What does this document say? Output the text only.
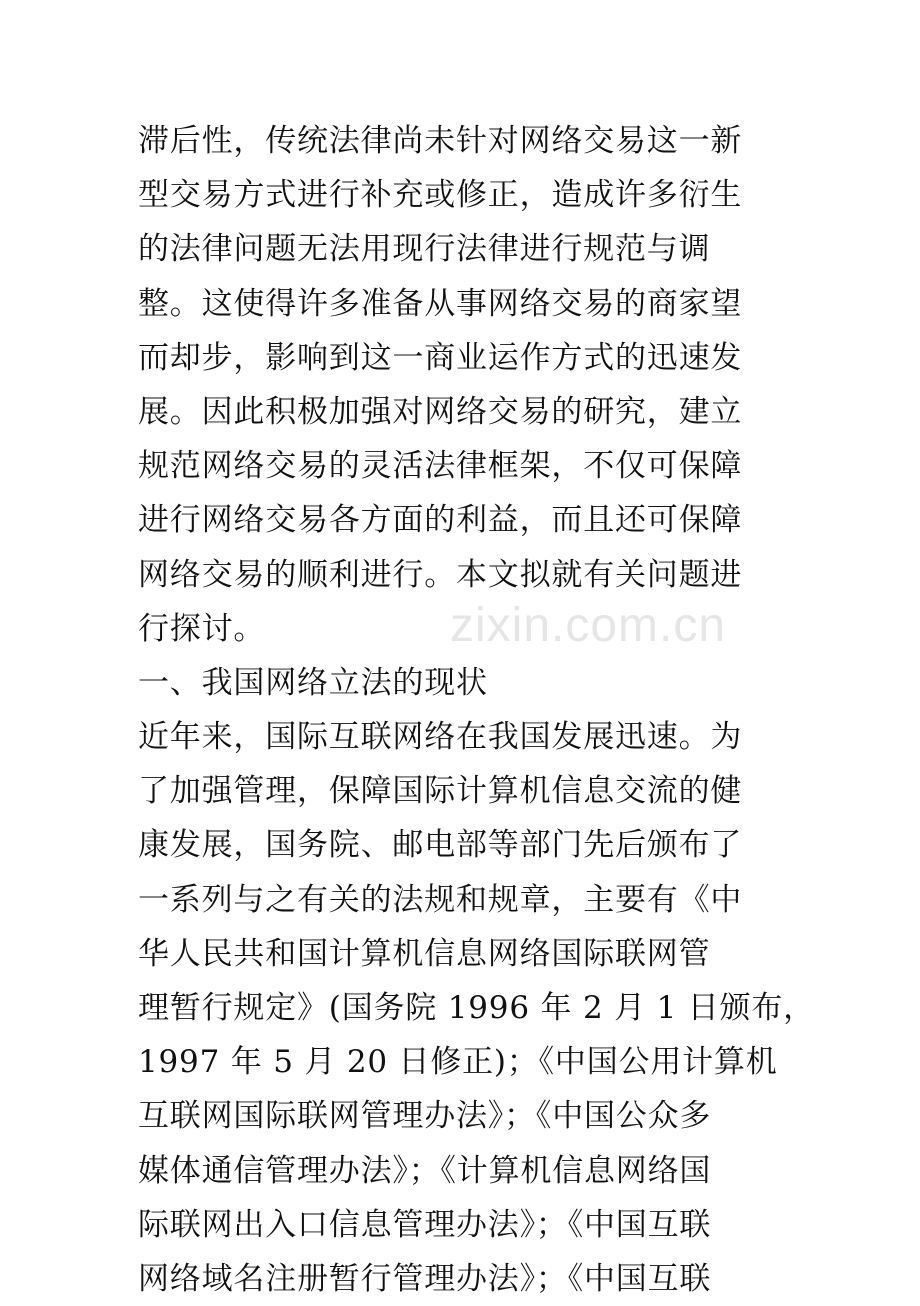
zixin.com.cn
滞后性，传统法律尚未针对网络交易这一新
型交易方式进行补充或修正，造成许多衍生
的法律问题无法用现行法律进行规范与调
整。这使得许多准备从事网络交易的商家望
而却步，影响到这一商业运作方式的迅速发
展。因此积极加强对网络交易的研究，建立
规范网络交易的灵活法律框架，不仅可保障
进行网络交易各方面的利益，而且还可保障
网络交易的顺利进行。本文拟就有关问题进
行探讨。
一、我国网络立法的现状
近年来，国际互联网络在我国发展迅速。为
了加强管理，保障国际计算机信息交流的健
康发展，国务院、邮电部等部门先后颁布了
一系列与之有关的法规和规章，主要有《中
华人民共和国计算机信息网络国际联网管
理暂行规定》(国务院 1996 年 2 月 1 日颁布，
1997 年 5 月 20 日修正)；《中国公用计算机
互联网国际联网管理办法》；《中国公众多
媒体通信管理办法》；《计算机信息网络国
际联网出入口信息管理办法》；《中国互联
网络域名注册暂行管理办法》；《中国互联
